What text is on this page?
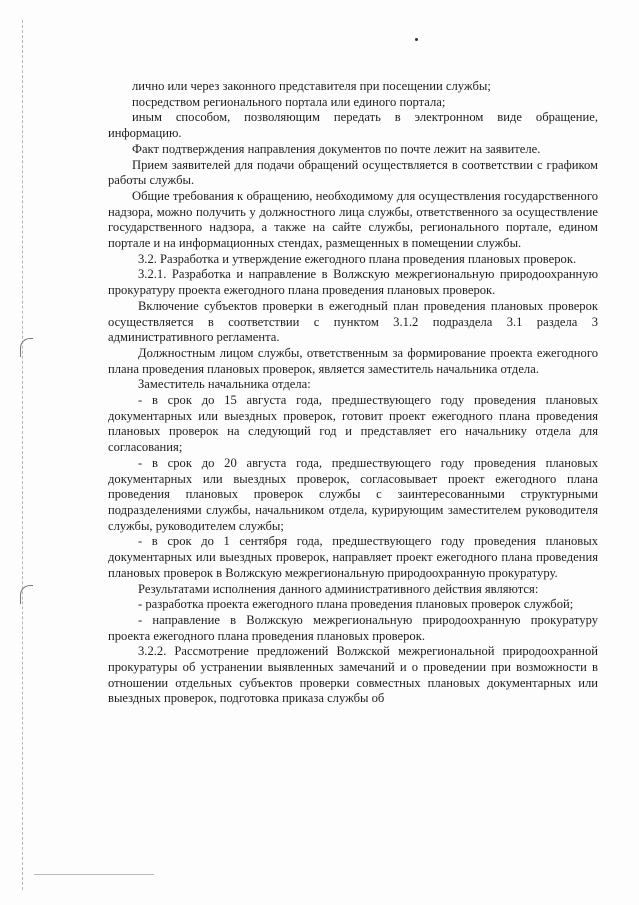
лично или через законного представителя при посещении службы;

посредством регионального портала или единого портала;

иным способом, позволяющим передать в электронном виде обращение, информацию.

Факт подтверждения направления документов по почте лежит на заявителе.

Прием заявителей для подачи обращений осуществляется в соответствии с графиком работы службы.

Общие требования к обращению, необходимому для осуществления государственного надзора, можно получить у должностного лица службы, ответственного за осуществление государственного надзора, а также на сайте службы, регионального портале, едином портале и на информационных стендах, размещенных в помещении службы.

3.2. Разработка и утверждение ежегодного плана проведения плановых проверок.

3.2.1. Разработка и направление в Волжскую межрегиональную природоохранную прокуратуру проекта ежегодного плана проведения плановых проверок.

Включение субъектов проверки в ежегодный план проведения плановых проверок осуществляется в соответствии с пунктом 3.1.2 подраздела 3.1 раздела 3 административного регламента.

Должностным лицом службы, ответственным за формирование проекта ежегодного плана проведения плановых проверок, является заместитель начальника отдела.

Заместитель начальника отдела:

- в срок до 15 августа года, предшествующего году проведения плановых документарных или выездных проверок, готовит проект ежегодного плана проведения плановых проверок на следующий год и представляет его начальнику отдела для согласования;

- в срок до 20 августа года, предшествующего году проведения плановых документарных или выездных проверок, согласовывает проект ежегодного плана проведения плановых проверок службы с заинтересованными структурными подразделениями службы, начальником отдела, курирующим заместителем руководителя службы, руководителем службы;

- в срок до 1 сентября года, предшествующего году проведения плановых документарных или выездных проверок, направляет проект ежегодного плана проведения плановых проверок в Волжскую межрегиональную природоохранную прокуратуру.

Результатами исполнения данного административного действия являются:

- разработка проекта ежегодного плана проведения плановых проверок службой;

- направление в Волжскую межрегиональную природоохранную прокуратуру проекта ежегодного плана проведения плановых проверок.

3.2.2. Рассмотрение предложений Волжской межрегиональной природоохранной прокуратуры об устранении выявленных замечаний и о проведении при возможности в отношении отдельных субъектов проверки совместных плановых документарных или выездных проверок, подготовка приказа службы об
